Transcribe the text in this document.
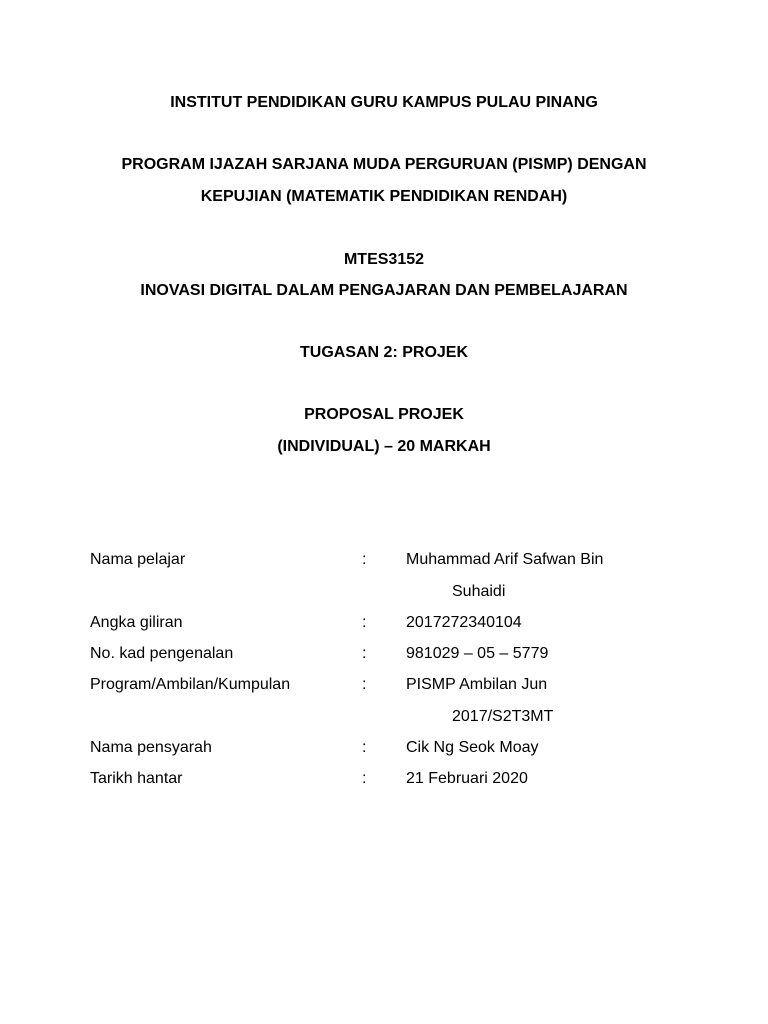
INSTITUT PENDIDIKAN GURU KAMPUS PULAU PINANG
PROGRAM IJAZAH SARJANA MUDA PERGURUAN (PISMP) DENGAN
KEPUJIAN (MATEMATIK PENDIDIKAN RENDAH)
MTES3152
INOVASI DIGITAL DALAM PENGAJARAN DAN PEMBELAJARAN
TUGASAN 2: PROJEK
PROPOSAL PROJEK
(INDIVIDUAL) – 20 MARKAH
Nama pelajar	: Muhammad Arif Safwan Bin
Suhaidi
Angka giliran	: 2017272340104
No. kad pengenalan	: 981029 – 05 – 5779
Program/Ambilan/Kumpulan	: PISMP Ambilan Jun
2017/S2T3MT
Nama pensyarah	: Cik Ng Seok Moay
Tarikh hantar	: 21 Februari 2020
